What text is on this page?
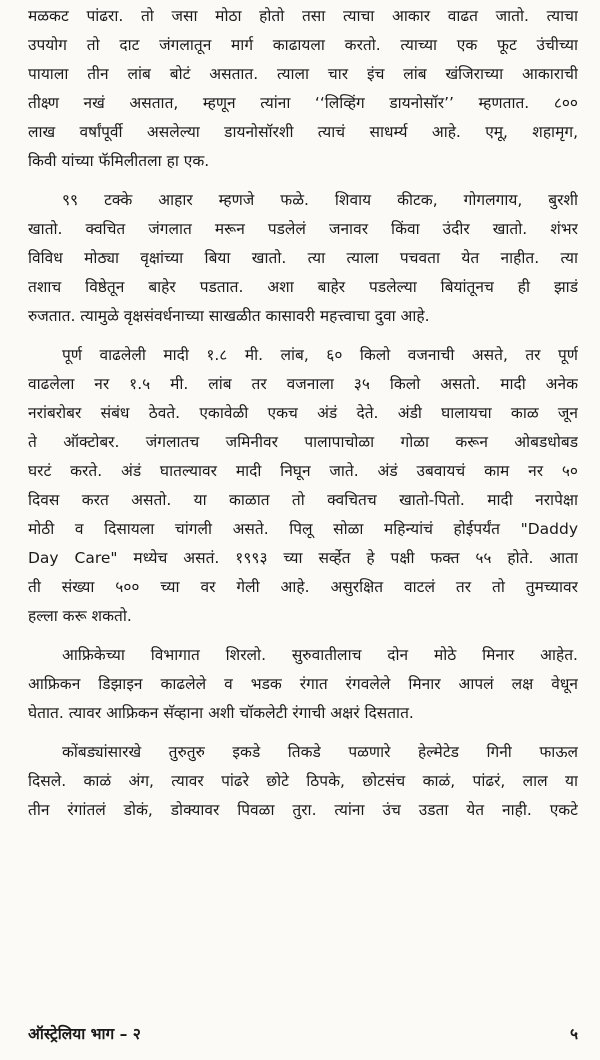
मळकट पांढरा. तो जसा मोठा होतो तसा त्याचा आकार वाढत जातो. त्याचा
उपयोग तो दाट जंगलातून मार्ग काढायला करतो. त्याच्या एक फूट उंचीच्या
पायाला तीन लांब बोटं असतात. त्याला चार इंच लांब खंजिराच्या आकाराची
तीक्ष्ण नखं असतात, म्हणून त्यांना ‘‘लिव्हिंग डायनोसॉर’’ म्हणतात. ८००
लाख वर्षांपूर्वी असलेल्या डायनोसॉरशी त्याचं साधर्म्य आहे. एमू, शहामृग,
किवी यांच्या फॅमिलीतला हा एक.
९९ टक्के आहार म्हणजे फळे. शिवाय कीटक, गोगलगाय, बुरशी
खातो. क्वचित जंगलात मरून पडलेलं जनावर किंवा उंदीर खातो. शंभर
विविध मोठ्या वृक्षांच्या बिया खातो. त्या त्याला पचवता येत नाहीत. त्या
तशाच विष्ठेतून बाहेर पडतात. अशा बाहेर पडलेल्या बियांतूनच ही झाडं
रुजतात. त्यामुळे वृक्षसंवर्धनाच्या साखळीत कासावरी महत्त्वाचा दुवा आहे.
पूर्ण वाढलेली मादी १.८ मी. लांब, ६० किलो वजनाची असते, तर पूर्ण
वाढलेला नर १.५ मी. लांब तर वजनाला ३५ किलो असतो. मादी अनेक
नरांबरोबर संबंध ठेवते. एकावेळी एकच अंडं देते. अंडी घालायचा काळ जून
ते ऑक्टोबर. जंगलातच जमिनीवर पालापाचोळा गोळा करून ओबडधोबड
घरटं करते. अंडं घातल्यावर मादी निघून जाते. अंडं उबवायचं काम नर ५०
दिवस करत असतो. या काळात तो क्वचितच खातो-पितो. मादी नरापेक्षा
मोठी व दिसायला चांगली असते. पिलू सोळा महिन्यांचं होईपर्यंत "Daddy
Day Care" मध्येच असतं. १९९३ च्या सर्व्हेत हे पक्षी फक्त ५५ होते. आता
ती संख्या ५०० च्या वर गेली आहे. असुरक्षित वाटलं तर तो तुमच्यावर
हल्ला करू शकतो.
आफ्रिकेच्या विभागात शिरलो. सुरुवातीलाच दोन मोठे मिनार आहेत.
आफ्रिकन डिझाइन काढलेले व भडक रंगात रंगवलेले मिनार आपलं लक्ष वेधून
घेतात. त्यावर आफ्रिकन सॅव्हाना अशी चॉकलेटी रंगाची अक्षरं दिसतात.
कोंबड्यांसारखे तुरुतुरु इकडे तिकडे पळणारे हेल्मेटेड गिनी फाऊल
दिसले. काळं अंग, त्यावर पांढरे छोटे ठिपके, छोटसंच काळं, पांढरं, लाल या
तीन रंगांतलं डोकं, डोक्यावर पिवळा तुरा. त्यांना उंच उडता येत नाही. एकटे
ऑस्ट्रेलिया भाग – २	५
